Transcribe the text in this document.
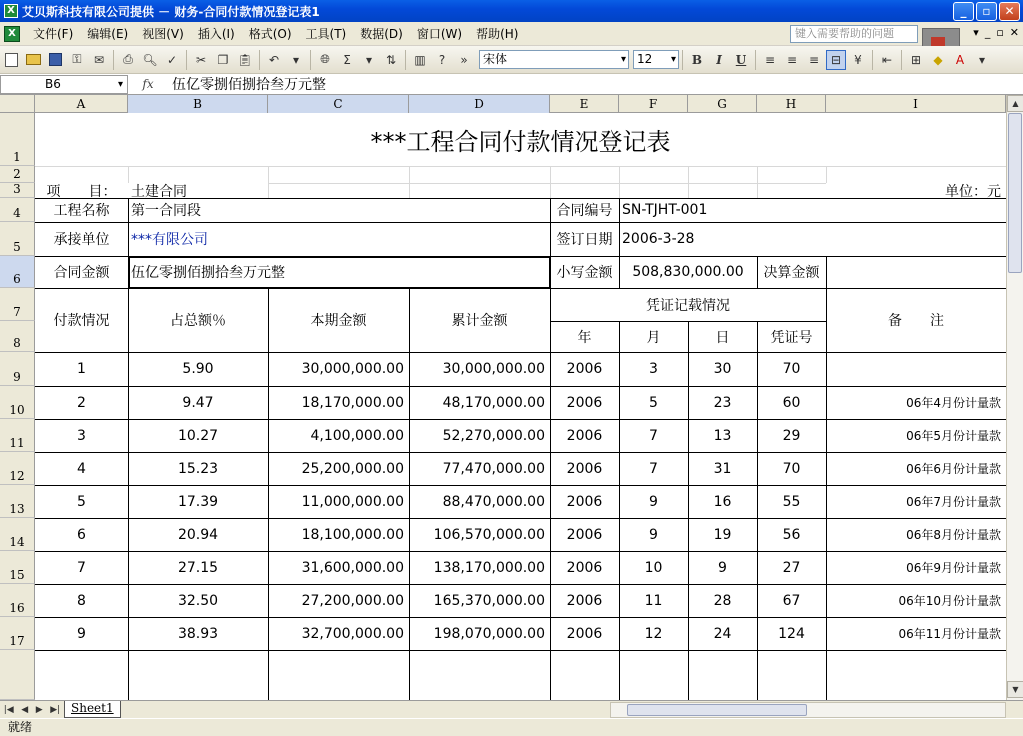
X 艾贝斯科技有限公司提供 － 财务-合同付款情况登记表1	_	▫	✕
X	文件(F)	编辑(E)	视图(V)	插入(I)	格式(O)	工具(T)	数据(D)	窗口(W)	帮助(H)	键入需要帮助的问题	▾ _ ▫ ✕
⚿	✉	⎙ 🔍︎ ✓	✂ ❐ 📋︎	↶	▾	🌐︎	Σ	▾	⇅	▥	?	»	宋体 ▾	12 ▾	B	I	U	≡ ≡ ≡ ⊟	¥	⇤	⊞	◆	A	▾
B6 ▾	fx	伍亿零捌佰捌拾叁万元整
A	B	C	D	E	F	G	H	I
1
2
3
4
5
6
7
8
9
10
11
12
13
14
15
16
17
***工程合同付款情况登记表
项　　目：	土建合同	单位：元
工程名称	第一合同段	合同编号 SN-TJHT-001
承接单位	***有限公司	签订日期 2006-3-28
合同金额	伍亿零捌佰捌拾叁万元整	小写金额	508,830,000.00	决算金额
付款情况	占总额％	本期金额	累计金额
凭证记载情况
年	月	日	凭证号
备　　注
1	5.90	30,000,000.00	30,000,000.00	2006	3	30	70
2	9.47	18,170,000.00	48,170,000.00	2006	5	23	60	06年4月份计量款
3	10.27	4,100,000.00	52,270,000.00	2006	7	13	29	06年5月份计量款
4	15.23	25,200,000.00	77,470,000.00	2006	7	31	70	06年6月份计量款
5	17.39	11,000,000.00	88,470,000.00	2006	9	16	55	06年7月份计量款
6	20.94	18,100,000.00	106,570,000.00	2006	9	19	56	06年8月份计量款
7	27.15	31,600,000.00	138,170,000.00	2006	10	9	27	06年9月份计量款
8	32.50	27,200,000.00	165,370,000.00	2006	11	28	67	06年10月份计量款
9	38.93	32,700,000.00	198,070,000.00	2006	12	24	124	06年11月份计量款
▲
▼
|◀ ◀ ▶ ▶| Sheet1
就绪
